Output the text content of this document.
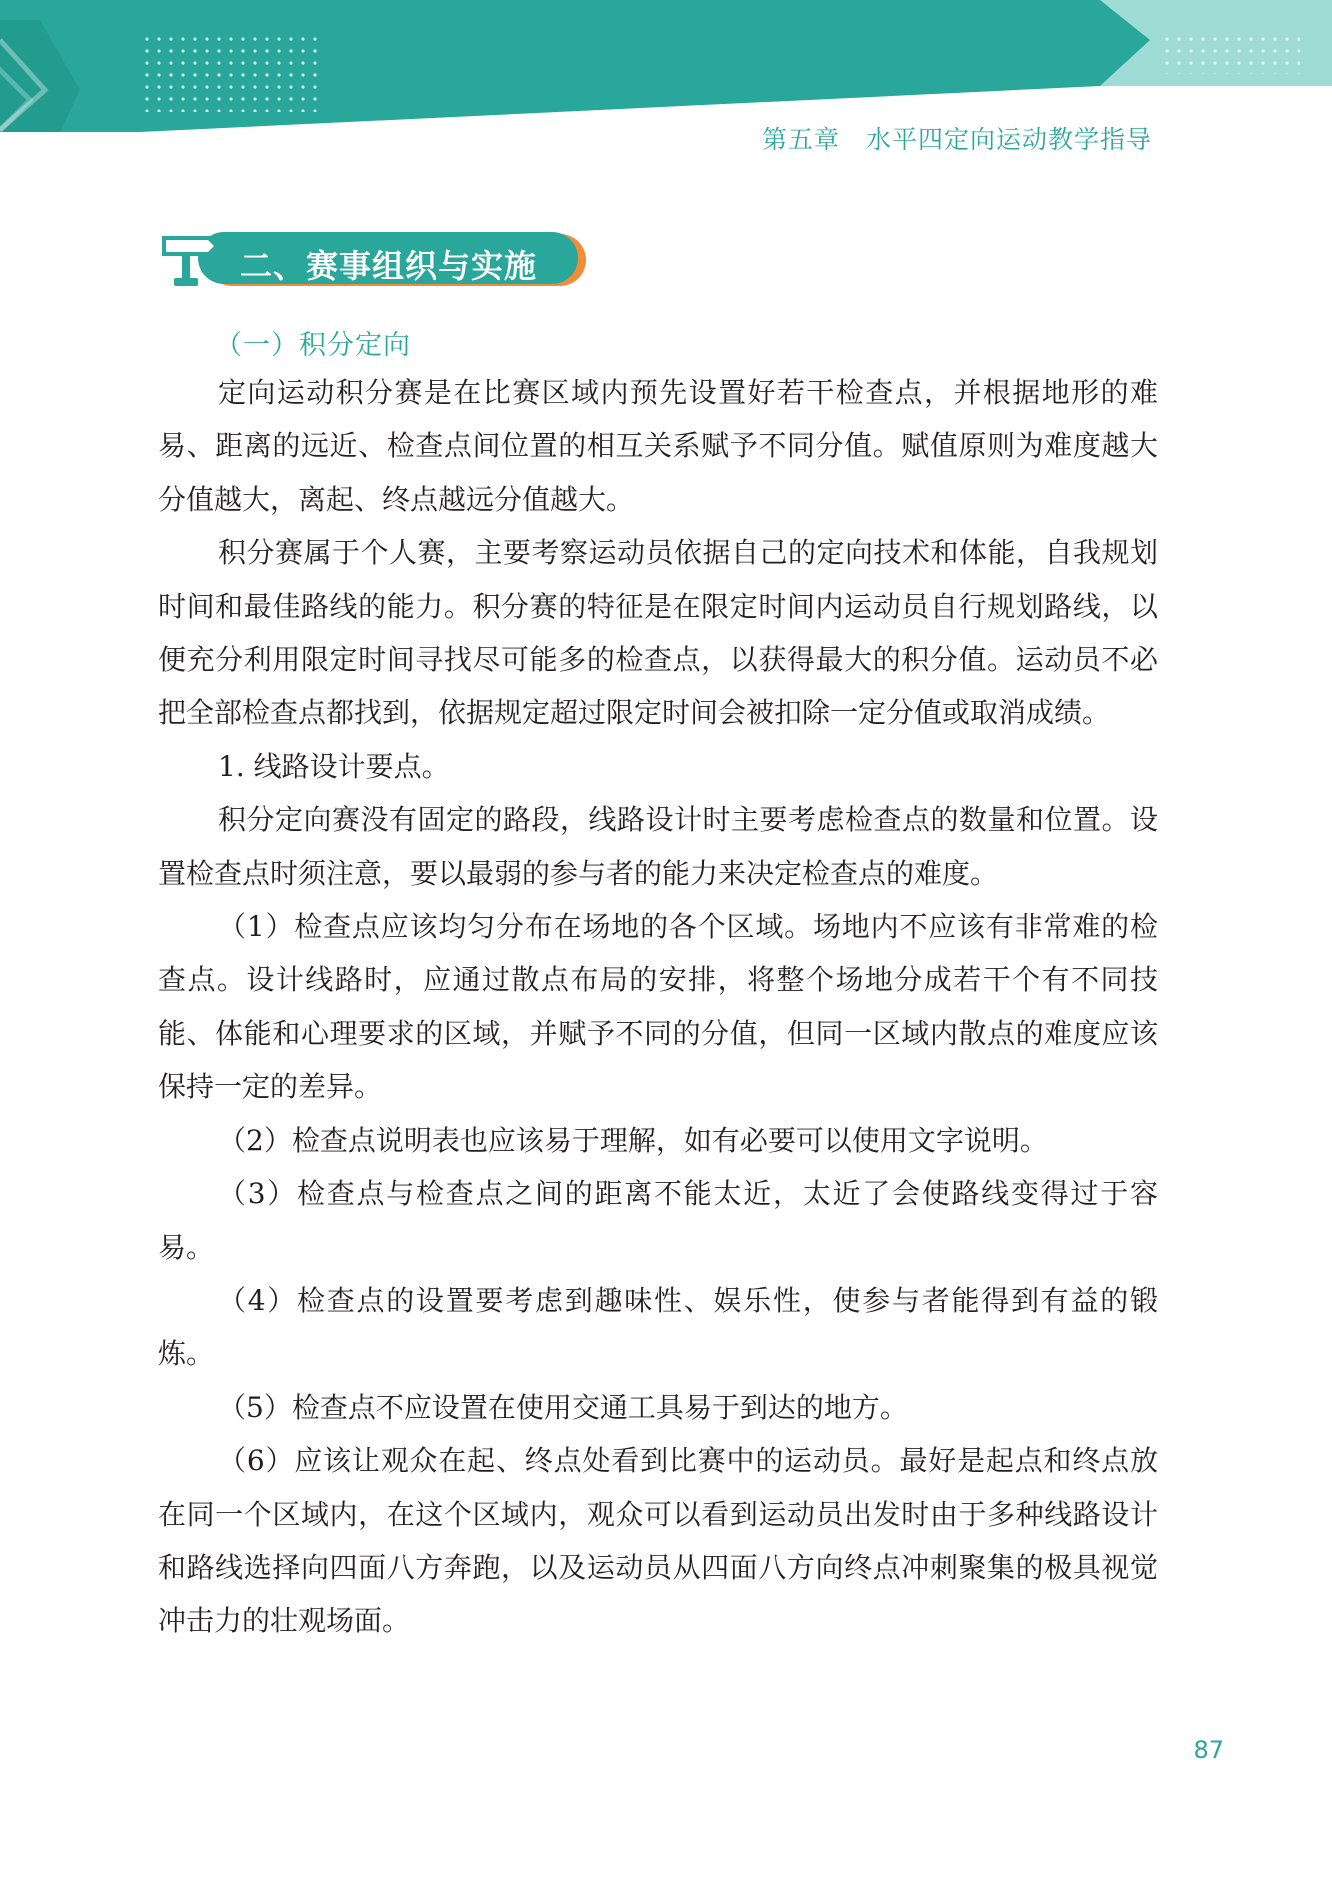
第五章　水平四定向运动教学指导
二、赛事组织与实施
（一）积分定向

定向运动积分赛是在比赛区域内预先设置好若干检查点，并根据地形的难易、距离的远近、检查点间位置的相互关系赋予不同分值。赋值原则为难度越大分值越大，离起、终点越远分值越大。

积分赛属于个人赛，主要考察运动员依据自己的定向技术和体能，自我规划时间和最佳路线的能力。积分赛的特征是在限定时间内运动员自行规划路线，以便充分利用限定时间寻找尽可能多的检查点，以获得最大的积分值。运动员不必把全部检查点都找到，依据规定超过限定时间会被扣除一定分值或取消成绩。

1. 线路设计要点。

积分定向赛没有固定的路段，线路设计时主要考虑检查点的数量和位置。设置检查点时须注意，要以最弱的参与者的能力来决定检查点的难度。

（1）检查点应该均匀分布在场地的各个区域。场地内不应该有非常难的检查点。设计线路时，应通过散点布局的安排，将整个场地分成若干个有不同技能、体能和心理要求的区域，并赋予不同的分值，但同一区域内散点的难度应该保持一定的差异。

（2）检查点说明表也应该易于理解，如有必要可以使用文字说明。

（3）检查点与检查点之间的距离不能太近，太近了会使路线变得过于容易。

（4）检查点的设置要考虑到趣味性、娱乐性，使参与者能得到有益的锻炼。

（5）检查点不应设置在使用交通工具易于到达的地方。

（6）应该让观众在起、终点处看到比赛中的运动员。最好是起点和终点放在同一个区域内，在这个区域内，观众可以看到运动员出发时由于多种线路设计和路线选择向四面八方奔跑，以及运动员从四面八方向终点冲刺聚集的极具视觉冲击力的壮观场面。

87
